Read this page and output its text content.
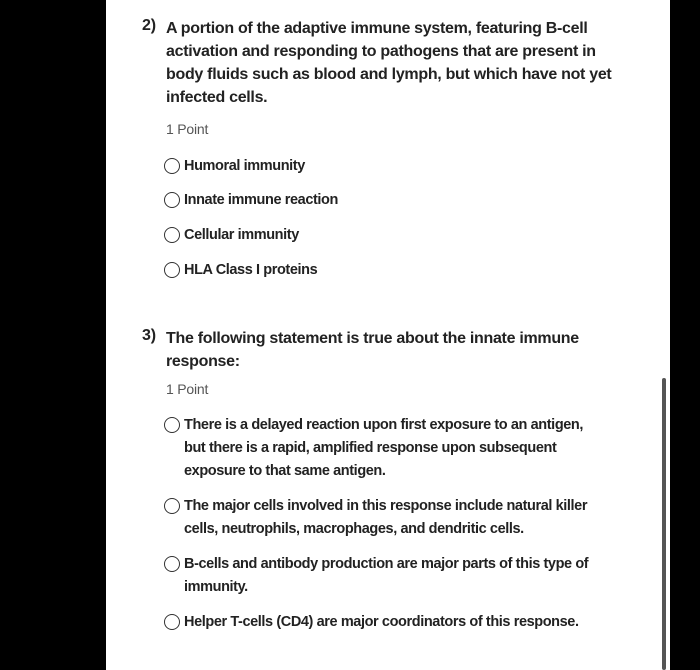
2) A portion of the adaptive immune system, featuring B-cell activation and responding to pathogens that are present in body fluids such as blood and lymph, but which have not yet infected cells.
1 Point
Humoral immunity
Innate immune reaction
Cellular immunity
HLA Class I proteins
3) The following statement is true about the innate immune response:
1 Point
There is a delayed reaction upon first exposure to an antigen, but there is a rapid, amplified response upon subsequent exposure to that same antigen.
The major cells involved in this response include natural killer cells, neutrophils, macrophages, and dendritic cells.
B-cells and antibody production are major parts of this type of immunity.
Helper T-cells (CD4) are major coordinators of this response.
